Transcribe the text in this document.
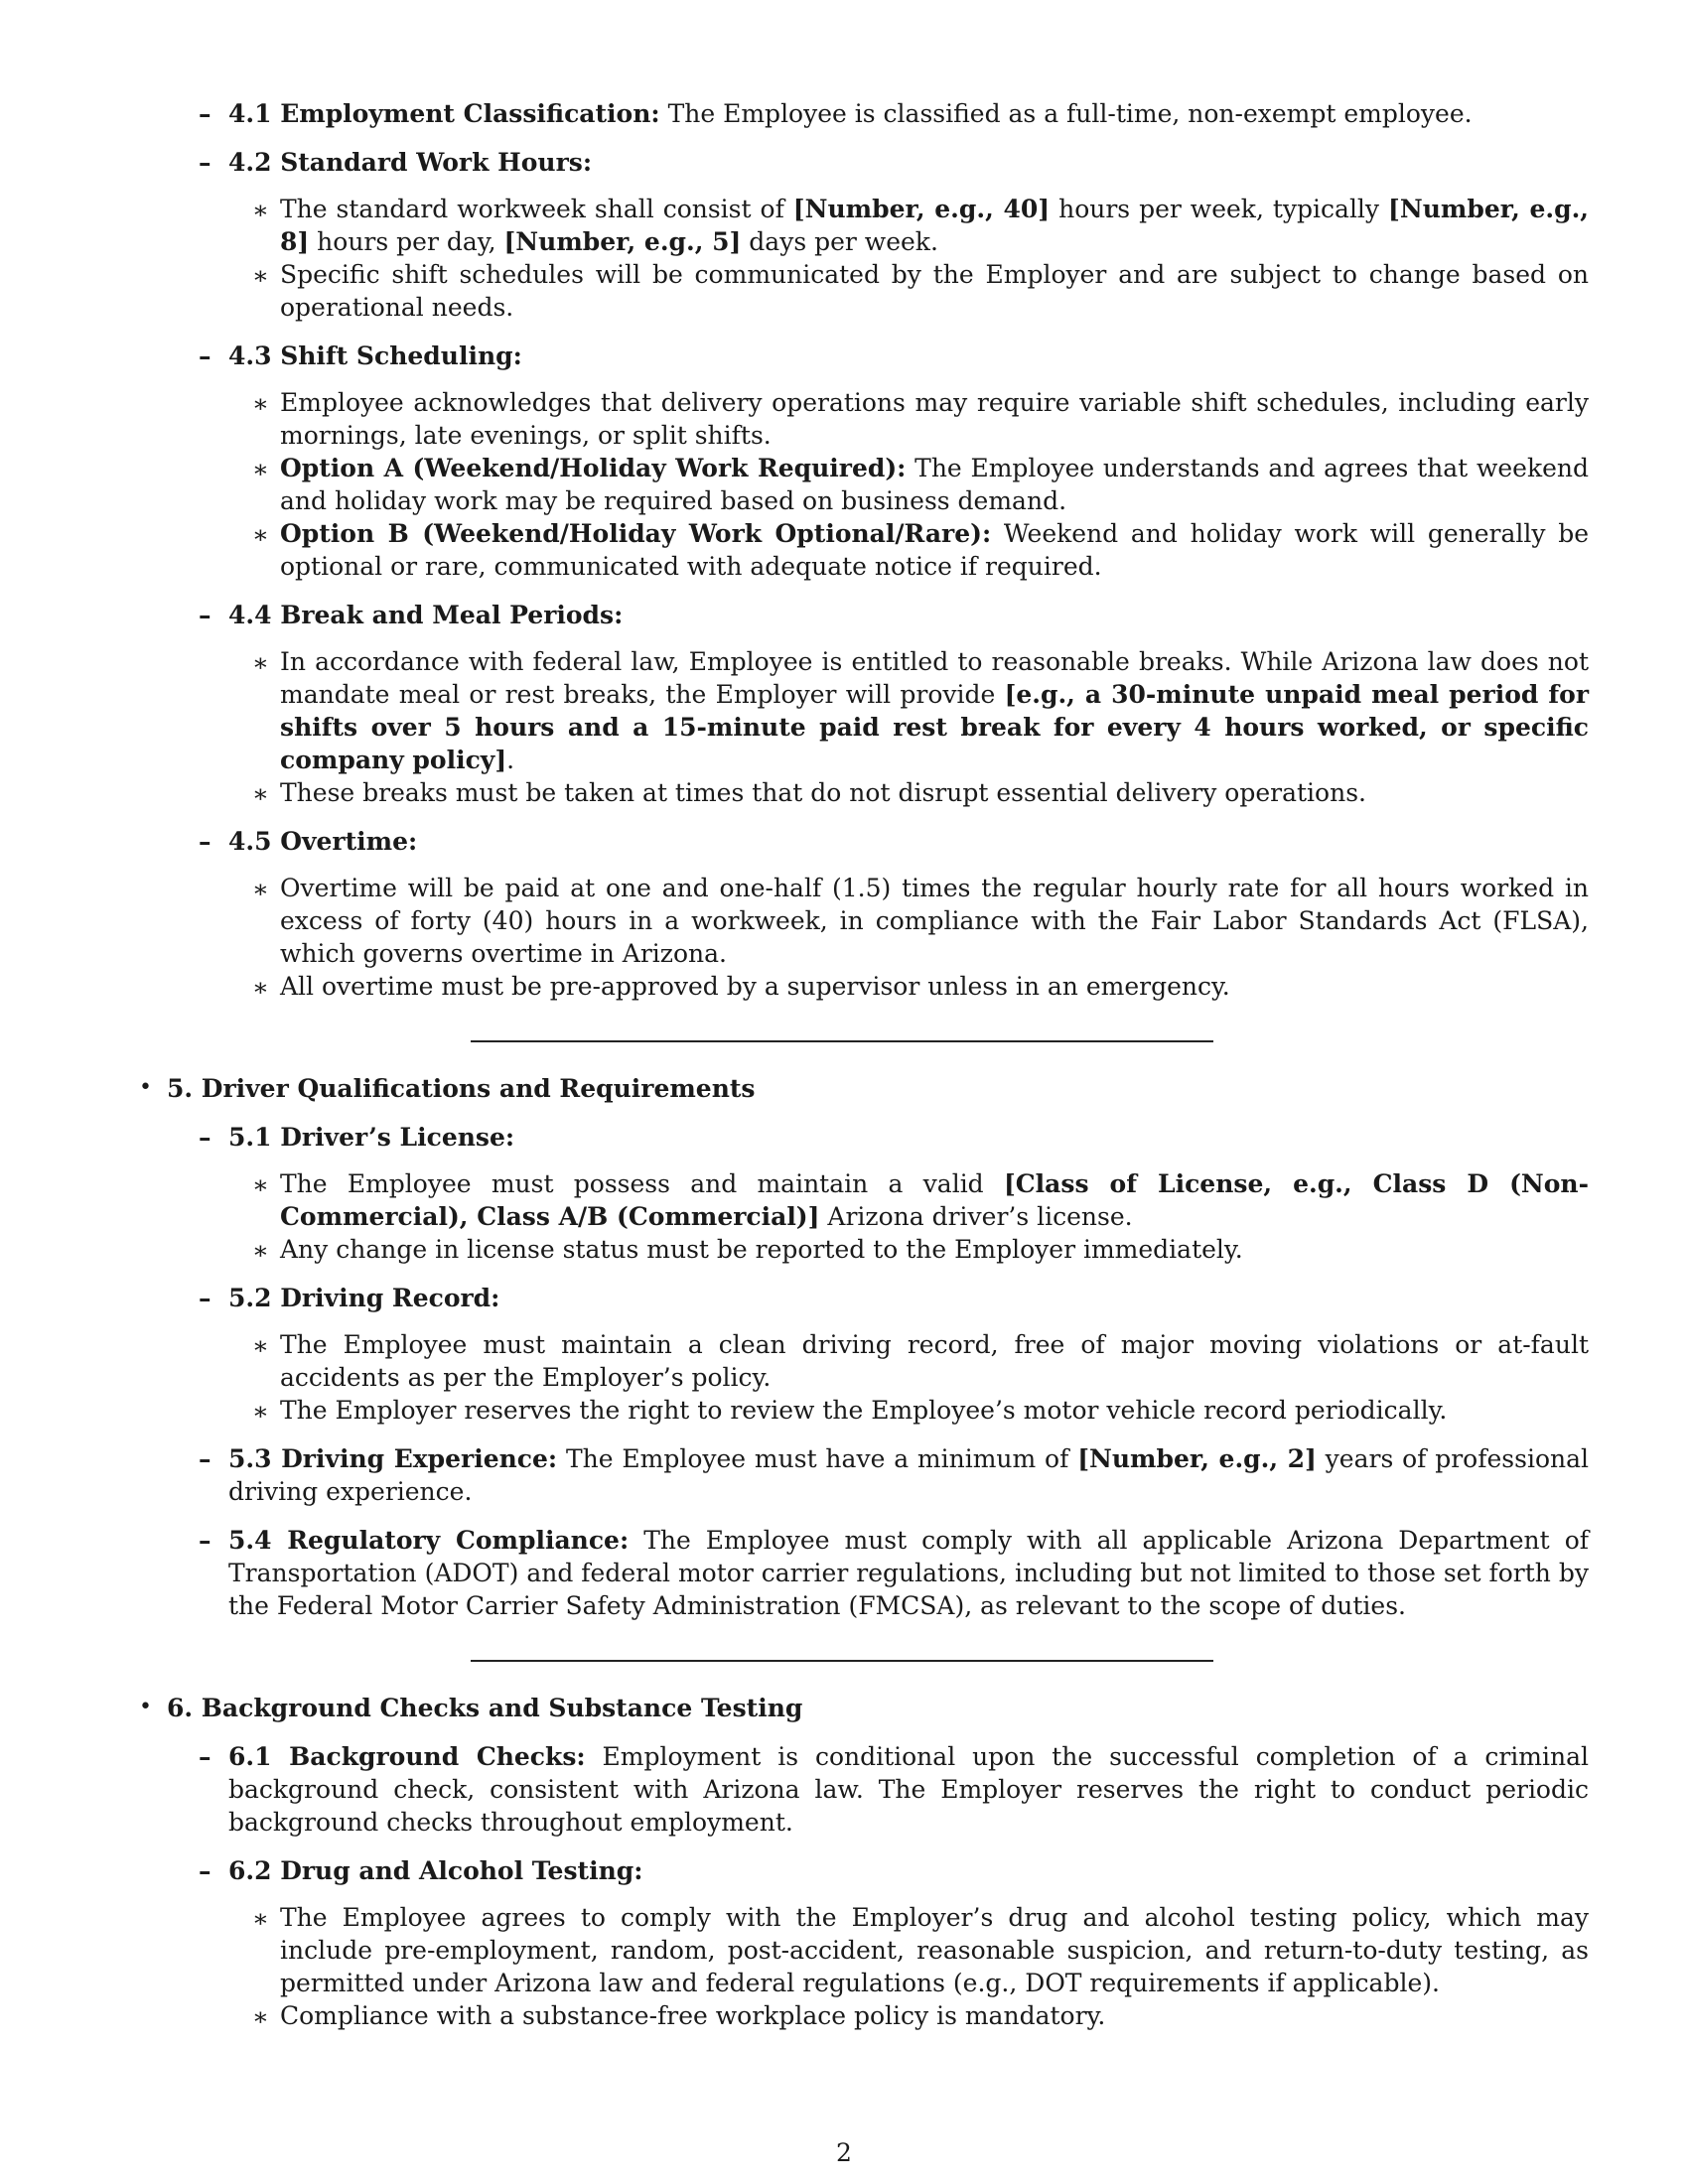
– 4.1 Employment Classification: The Employee is classified as a full-time, non-exempt employee.
– 4.2 Standard Work Hours:
∗ The standard workweek shall consist of [Number, e.g., 40] hours per week, typically [Number, e.g., 8] hours per day, [Number, e.g., 5] days per week.
∗ Specific shift schedules will be communicated by the Employer and are subject to change based on operational needs.
– 4.3 Shift Scheduling:
∗ Employee acknowledges that delivery operations may require variable shift schedules, including early mornings, late evenings, or split shifts.
∗ Option A (Weekend/Holiday Work Required): The Employee understands and agrees that weekend and holiday work may be required based on business demand.
∗ Option B (Weekend/Holiday Work Optional/Rare): Weekend and holiday work will generally be optional or rare, communicated with adequate notice if required.
– 4.4 Break and Meal Periods:
∗ In accordance with federal law, Employee is entitled to reasonable breaks. While Arizona law does not mandate meal or rest breaks, the Employer will provide [e.g., a 30-minute unpaid meal period for shifts over 5 hours and a 15-minute paid rest break for every 4 hours worked, or specific company policy].
∗ These breaks must be taken at times that do not disrupt essential delivery operations.
– 4.5 Overtime:
∗ Overtime will be paid at one and one-half (1.5) times the regular hourly rate for all hours worked in excess of forty (40) hours in a workweek, in compliance with the Fair Labor Standards Act (FLSA), which governs overtime in Arizona.
∗ All overtime must be pre-approved by a supervisor unless in an emergency.
• 5. Driver Qualifications and Requirements
– 5.1 Driver’s License:
∗ The Employee must possess and maintain a valid [Class of License, e.g., Class D (Non-Commercial), Class A/B (Commercial)] Arizona driver’s license.
∗ Any change in license status must be reported to the Employer immediately.
– 5.2 Driving Record:
∗ The Employee must maintain a clean driving record, free of major moving violations or at-fault accidents as per the Employer’s policy.
∗ The Employer reserves the right to review the Employee’s motor vehicle record periodically.
– 5.3 Driving Experience: The Employee must have a minimum of [Number, e.g., 2] years of professional driving experience.
– 5.4 Regulatory Compliance: The Employee must comply with all applicable Arizona Department of Transportation (ADOT) and federal motor carrier regulations, including but not limited to those set forth by the Federal Motor Carrier Safety Administration (FMCSA), as relevant to the scope of duties.
• 6. Background Checks and Substance Testing
– 6.1 Background Checks: Employment is conditional upon the successful completion of a criminal background check, consistent with Arizona law. The Employer reserves the right to conduct periodic background checks throughout employment.
– 6.2 Drug and Alcohol Testing:
∗ The Employee agrees to comply with the Employer’s drug and alcohol testing policy, which may include pre-employment, random, post-accident, reasonable suspicion, and return-to-duty testing, as permitted under Arizona law and federal regulations (e.g., DOT requirements if applicable).
∗ Compliance with a substance-free workplace policy is mandatory.
2
